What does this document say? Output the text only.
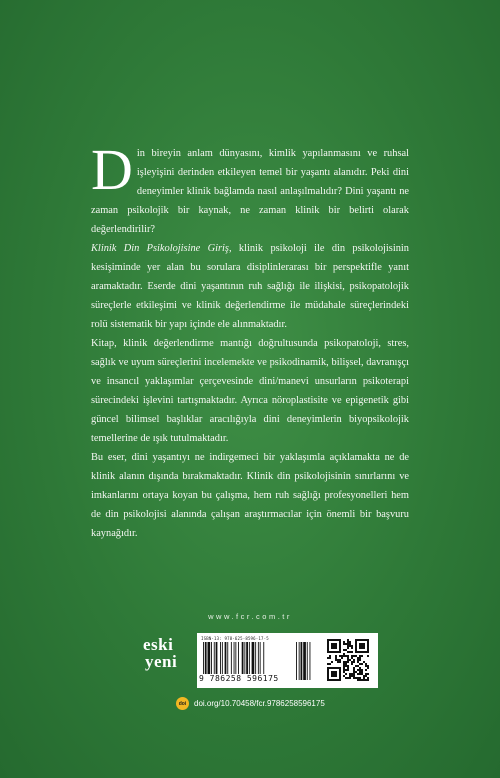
Din bireyin anlam dünyasını, kimlik yapılanmasını ve ruhsal işleyişini derinden etkileyen temel bir yaşantı alanıdır. Peki dini deneyimler klinik bağlamda nasıl anlaşılmalıdır? Dini yaşantı ne zaman psikolojik bir kaynak, ne zaman klinik bir belirti olarak değerlendirilir?

Klinik Din Psikolojisine Giriş, klinik psikoloji ile din psikolojisinin kesişiminde yer alan bu sorulara disiplinlerarası bir perspektifle yanıt aramaktadır. Eserde dini yaşantının ruh sağlığı ile ilişkisi, psikopatolojik süreçlerle etkileşimi ve klinik değerlendirme ile müdahale süreçlerindeki rolü sistematik bir yapı içinde ele alınmaktadır.

Kitap, klinik değerlendirme mantığı doğrultusunda psikopatoloji, stres, sağlık ve uyum süreçlerini incelemekte ve psikodinamik, bilişsel, davranışçı ve insancıl yaklaşımlar çerçevesinde dini/manevi unsurların psikoterapi sürecindeki işlevini tartışmaktadır. Ayrıca nöroplastisite ve epigenetik gibi güncel bilimsel başlıklar aracılığıyla dini deneyimlerin biyopsikolojik temellerine de ışık tutulmaktadır.

Bu eser, dini yaşantıyı ne indirgemeci bir yaklaşımla açıklamakta ne de klinik alanın dışında bırakmaktadır. Klinik din psikolojisinin sınırlarını ve imkanlarını ortaya koyan bu çalışma, hem ruh sağlığı profesyonelleri hem de din psikolojisi alanında çalışan araştırmacılar için önemli bir başvuru kaynağıdır.

www.fcr.com.tr
eski
yeni
ISBN-13: 978-625-8596-17-5
9 786258 596175
doi doi.org/10.70458/fcr.9786258596175
